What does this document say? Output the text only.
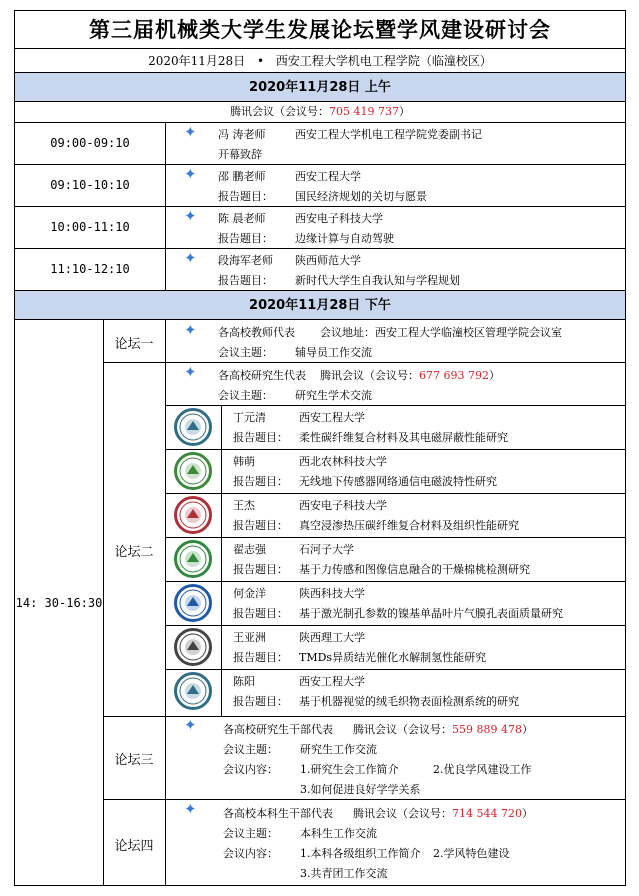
第三届机械类大学生发展论坛暨学风建设研讨会
2020年11月28日 • 西安工程大学机电工程学院（临潼校区）
2020年11月28日 上午
腾讯会议（会议号：705 419 737）
09:00-09:10
✦ 冯 涛老师	西安工程大学机电工程学院党委副书记
开幕致辞
09:10-10:10
✦ 邵 鹏老师	西安工程大学
报告题目： 国民经济规划的关切与愿景
10:00-11:10
✦ 陈 晨老师	西安电子科技大学
报告题目： 边缘计算与自动驾驶
11:10-12:10
✦ 段海军老师 陕西师范大学
报告题目： 新时代大学生自我认知与学程规划
2020年11月28日 下午
14: 30-16:30
论坛一
✦ 各高校教师代表 会议地址：西安工程大学临潼校区管理学院会议室
会议主题： 辅导员工作交流
论坛二
✦ 各高校研究生代表 腾讯会议（会议号：677 693 792）
会议主题： 研究生学术交流
丁元清	西安工程大学
报告题目： 柔性碳纤维复合材料及其电磁屏蔽性能研究
韩萌	西北农林科技大学
报告题目： 无线地下传感器网络通信电磁波特性研究
王杰	西安电子科技大学
报告题目： 真空浸渗热压碳纤维复合材料及组织性能研究
翟志强	石河子大学
报告题目： 基于力传感和图像信息融合的干燥棉桃检测研究
何金洋	陕西科技大学
报告题目： 基于激光制孔参数的镍基单晶叶片气膜孔表面质量研究
王亚洲	陕西理工大学
报告题目： TMDs异质结光催化水解制氢性能研究
陈阳	西安工程大学
报告题目： 基于机器视觉的绒毛织物表面检测系统的研究
论坛三
✦ 各高校研究生干部代表 腾讯会议（会议号：559 889 478）
会议主题： 研究生工作交流
会议内容： 1.研究生会工作简介	2.优良学风建设工作
3.如何促进良好学学关系
论坛四
✦ 各高校本科生干部代表 腾讯会议（会议号：714 544 720）
会议主题： 本科生工作交流
会议内容： 1.本科各级组织工作简介 2.学风特色建设
3.共青团工作交流
